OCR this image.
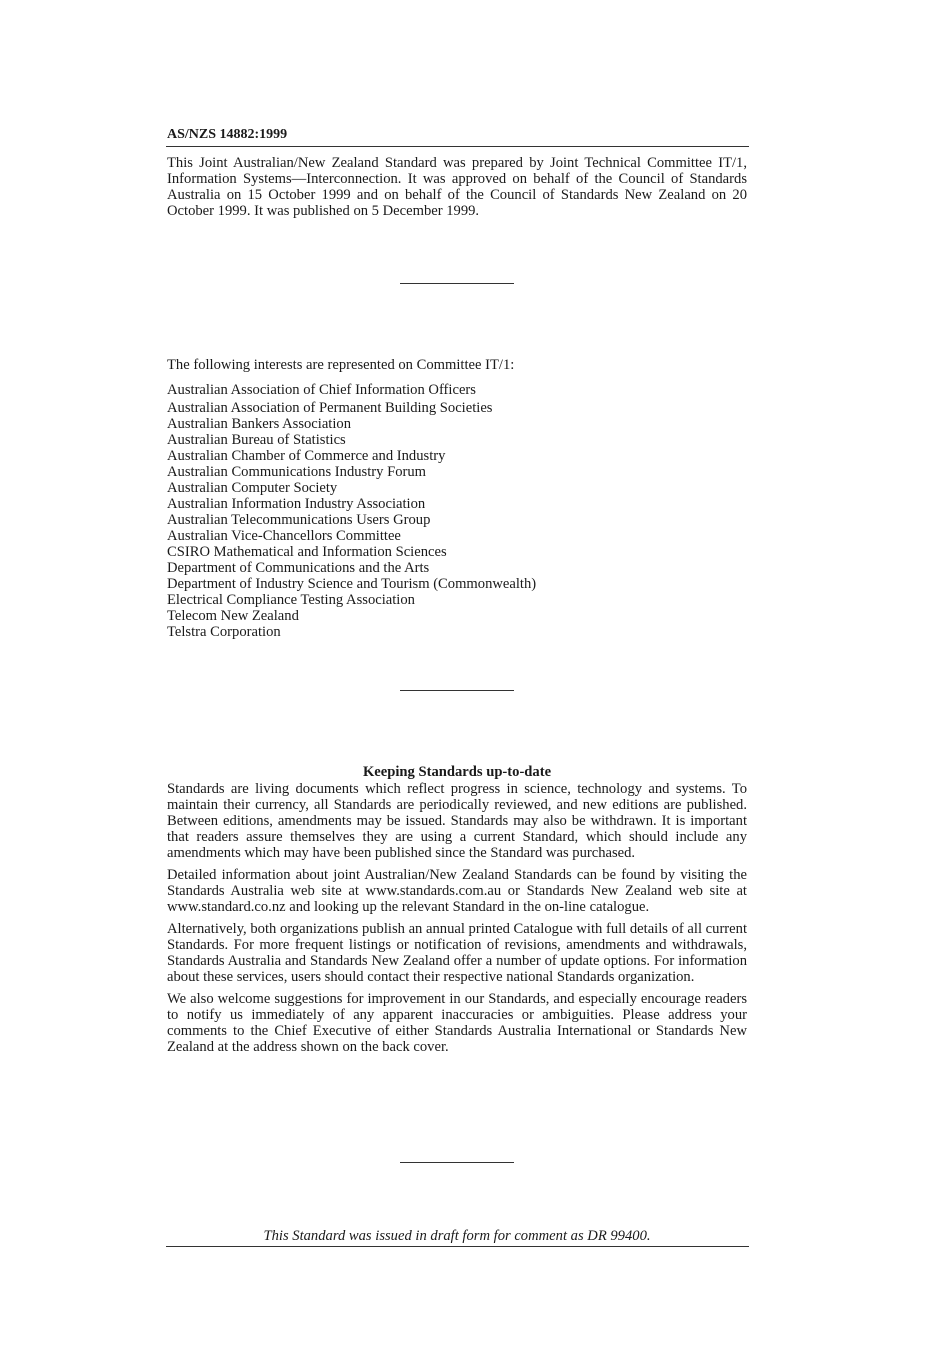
AS/NZS 14882:1999

This Joint Australian/New Zealand Standard was prepared by Joint Technical Committee IT/1, Information Systems—Interconnection. It was approved on behalf of the Council of Standards Australia on 15 October 1999 and on behalf of the Council of Standards New Zealand on 20 October 1999. It was published on 5 December 1999.

The following interests are represented on Committee IT/1:
Australian Association of Chief Information Officers
Australian Association of Permanent Building Societies
Australian Bankers Association
Australian Bureau of Statistics
Australian Chamber of Commerce and Industry
Australian Communications Industry Forum
Australian Computer Society
Australian Information Industry Association
Australian Telecommunications Users Group
Australian Vice-Chancellors Committee
CSIRO Mathematical and Information Sciences
Department of Communications and the Arts
Department of Industry Science and Tourism (Commonwealth)
Electrical Compliance Testing Association
Telecom New Zealand
Telstra Corporation
Keeping Standards up-to-date

Standards are living documents which reflect progress in science, technology and systems. To maintain their currency, all Standards are periodically reviewed, and new editions are published. Between editions, amendments may be issued. Standards may also be withdrawn. It is important that readers assure themselves they are using a current Standard, which should include any amendments which may have been published since the Standard was purchased.

Detailed information about joint Australian/New Zealand Standards can be found by visiting the Standards Australia web site at www.standards.com.au or Standards New Zealand web site at www.standard.co.nz and looking up the relevant Standard in the on-line catalogue.

Alternatively, both organizations publish an annual printed Catalogue with full details of all current Standards. For more frequent listings or notification of revisions, amendments and withdrawals, Standards Australia and Standards New Zealand offer a number of update options. For information about these services, users should contact their respective national Standards organization.

We also welcome suggestions for improvement in our Standards, and especially encourage readers to notify us immediately of any apparent inaccuracies or ambiguities. Please address your comments to the Chief Executive of either Standards Australia International or Standards New Zealand at the address shown on the back cover.

This Standard was issued in draft form for comment as DR 99400.
